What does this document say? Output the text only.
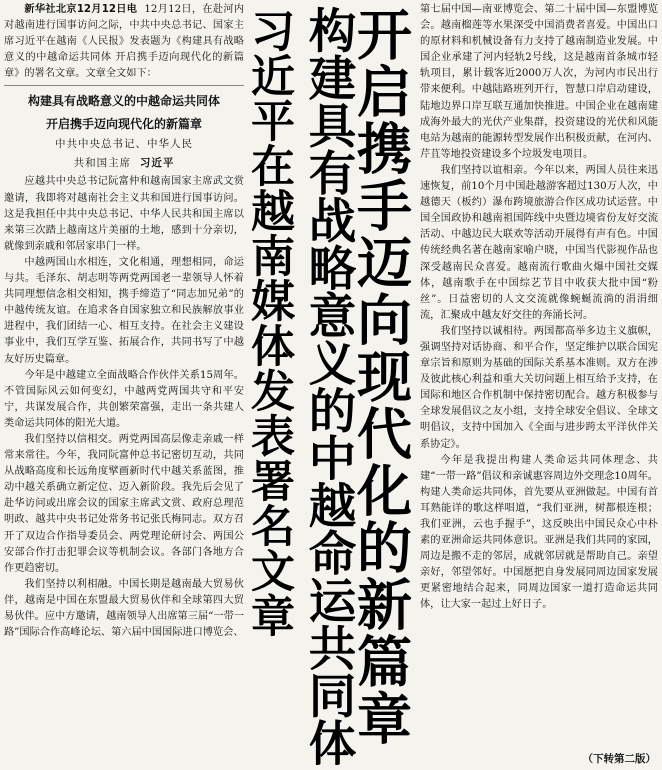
新华社北京12月12日电 12月12日，在赴河内对越南进行国事访问之际，中共中央总书记、国家主席习近平在越南《人民报》发表题为《构建具有战略意义的中越命运共同体 开启携手迈向现代化的新篇章》的署名文章。文章全文如下：

构建具有战略意义的中越命运共同体
开启携手迈向现代化的新篇章
中共中央总书记、中华人民
共和国主席 习近平

应越共中央总书记阮富仲和越南国家主席武文赏邀请，我即将对越南社会主义共和国进行国事访问。这是我担任中共中央总书记、中华人民共和国主席以来第三次踏上越南这片美丽的土地，感到十分亲切，就像到亲戚和邻居家串门一样。

中越两国山水相连，文化相通，理想相同，命运与共。毛泽东、胡志明等两党两国老一辈领导人怀着共同理想信念相交相知，携手缔造了“同志加兄弟”的中越传统友谊。在追求各自国家独立和民族解放事业进程中，我们团结一心、相互支持。在社会主义建设事业中，我们互学互鉴、拓展合作，共同书写了中越友好历史篇章。

今年是中越建立全面战略合作伙伴关系15周年。不管国际风云如何变幻，中越两党两国共守和平安宁，共谋发展合作，共创繁荣富强，走出一条共建人类命运共同体的阳光大道。

我们坚持以信相交。两党两国高层像走亲戚一样常来常往。今年，我同阮富仲总书记密切互动，共同从战略高度和长远角度擘画新时代中越关系蓝图，推动中越关系确立新定位、迈入新阶段。我先后会见了赴华访问或出席会议的国家主席武文赏、政府总理范明政、越共中央书记处常务书记张氏梅同志。双方召开了双边合作指导委员会、两党理论研讨会、两国公安部合作打击犯罪会议等机制会议。各部门各地方合作更趋密切。

我们坚持以利相融。中国长期是越南最大贸易伙伴，越南是中国在东盟最大贸易伙伴和全球第四大贸易伙伴。应中方邀请，越南领导人出席第三届“一带一路”国际合作高峰论坛、第六届中国国际进口博览会、 习近平在越南媒体发表署名文章 构建具有战略意义的中越命运共同体
开启携手迈向现代化的新篇章 第七届中国—南亚博览会、第二十届中国—东盟博览会。越南榴莲等水果深受中国消费者喜爱。中国出口的原材料和机械设备有力支持了越南制造业发展。中国企业承建了河内轻轨2号线，这是越南首条城市轻轨项目，累计载客近2000万人次，为河内市民出行带来便利。中越陆路班列开行，智慧口岸启动建设，陆地边界口岸互联互通加快推进。中国企业在越南建成海外最大的光伏产业集群，投资建设的光伏和风能电站为越南的能源转型发展作出积极贡献，在河内、芹苴等地投资建设多个垃圾发电项目。

我们坚持以谊相亲。今年以来，两国人员往来迅速恢复，前10个月中国赴越游客超过130万人次，中越德天（板约）瀑布跨境旅游合作区成功试运营。中国全国政协和越南祖国阵线中央暨边境省份友好交流活动、中越边民大联欢等活动开展得有声有色。中国传统经典名著在越南家喻户晓，中国当代影视作品也深受越南民众喜爱。越南流行歌曲火爆中国社交媒体，越南歌手在中国综艺节目中收获大批中国“粉丝”。日益密切的人文交流就像蜿蜒流淌的涓涓细流，汇聚成中越友好交往的奔涌长河。

我们坚持以诚相待。两国都高举多边主义旗帜，强调坚持对话协商、和平合作，坚定维护以联合国宪章宗旨和原则为基础的国际关系基本准则。双方在涉及彼此核心利益和重大关切问题上相互给予支持，在国际和地区合作机制中保持密切配合。越方积极参与全球发展倡议之友小组，支持全球安全倡议、全球文明倡议，支持中国加入《全面与进步跨太平洋伙伴关系协定》。

今年是我提出构建人类命运共同体理念、共建“一带一路”倡议和亲诚惠容周边外交理念10周年。构建人类命运共同体，首先要从亚洲做起。中国有首耳熟能详的歌这样唱道，“我们亚洲，树都根连根；我们亚洲，云也手握手”，这反映出中国民众心中朴素的亚洲命运共同体意识。亚洲是我们共同的家园，周边是搬不走的邻居，成就邻居就是帮助自己。亲望亲好，邻望邻好。中国愿把自身发展同周边国家发展更紧密地结合起来，同周边国家一道打造命运共同体，让大家一起过上好日子。

（下转第二版）
